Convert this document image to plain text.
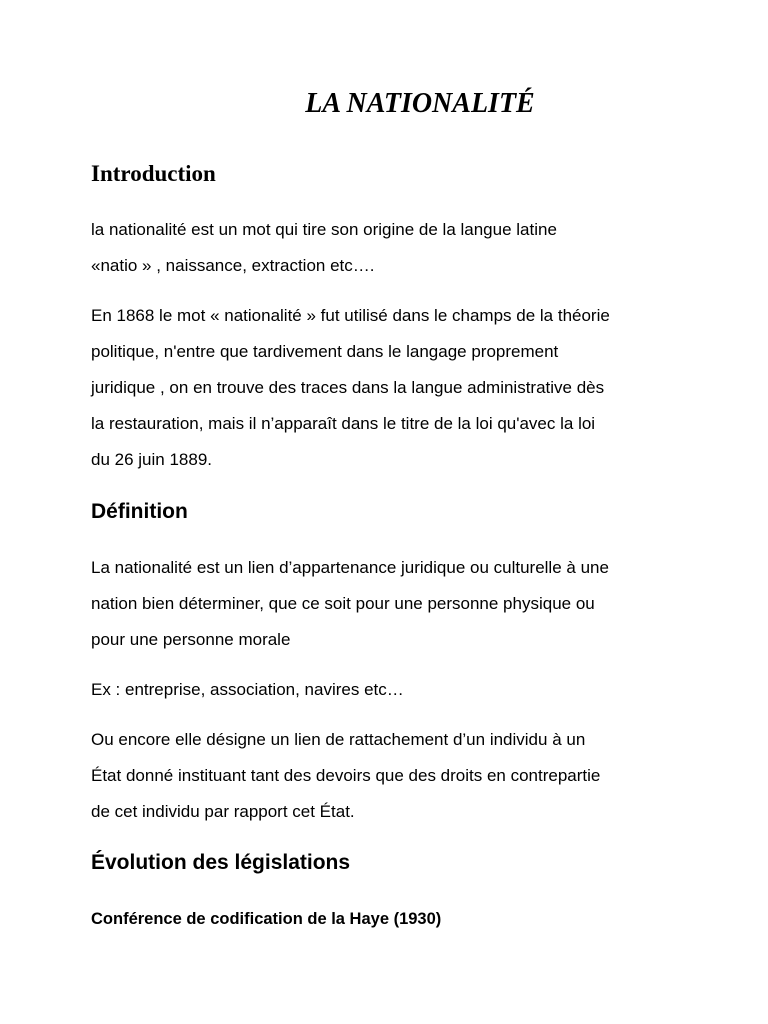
LA NATIONALITÉ
Introduction
la nationalité est un mot qui tire son origine de la langue latine
«natio » , naissance, extraction etc….
En 1868 le mot « nationalité » fut utilisé dans le champs de la théorie
politique, n'entre que tardivement dans le langage proprement
juridique , on en trouve des traces dans la langue administrative dès
la restauration, mais il n’apparaît dans le titre de la loi qu'avec la loi
du 26 juin 1889.
Définition
La nationalité est un lien d’appartenance juridique ou culturelle à une
nation bien déterminer, que ce soit pour une personne physique ou
pour une personne morale
Ex : entreprise, association, navires etc…
Ou encore elle désigne un lien de rattachement d’un individu à un
État donné instituant tant des devoirs que des droits en contrepartie
de cet individu par rapport cet État.
Évolution des législations
Conférence de codification de la Haye (1930)
